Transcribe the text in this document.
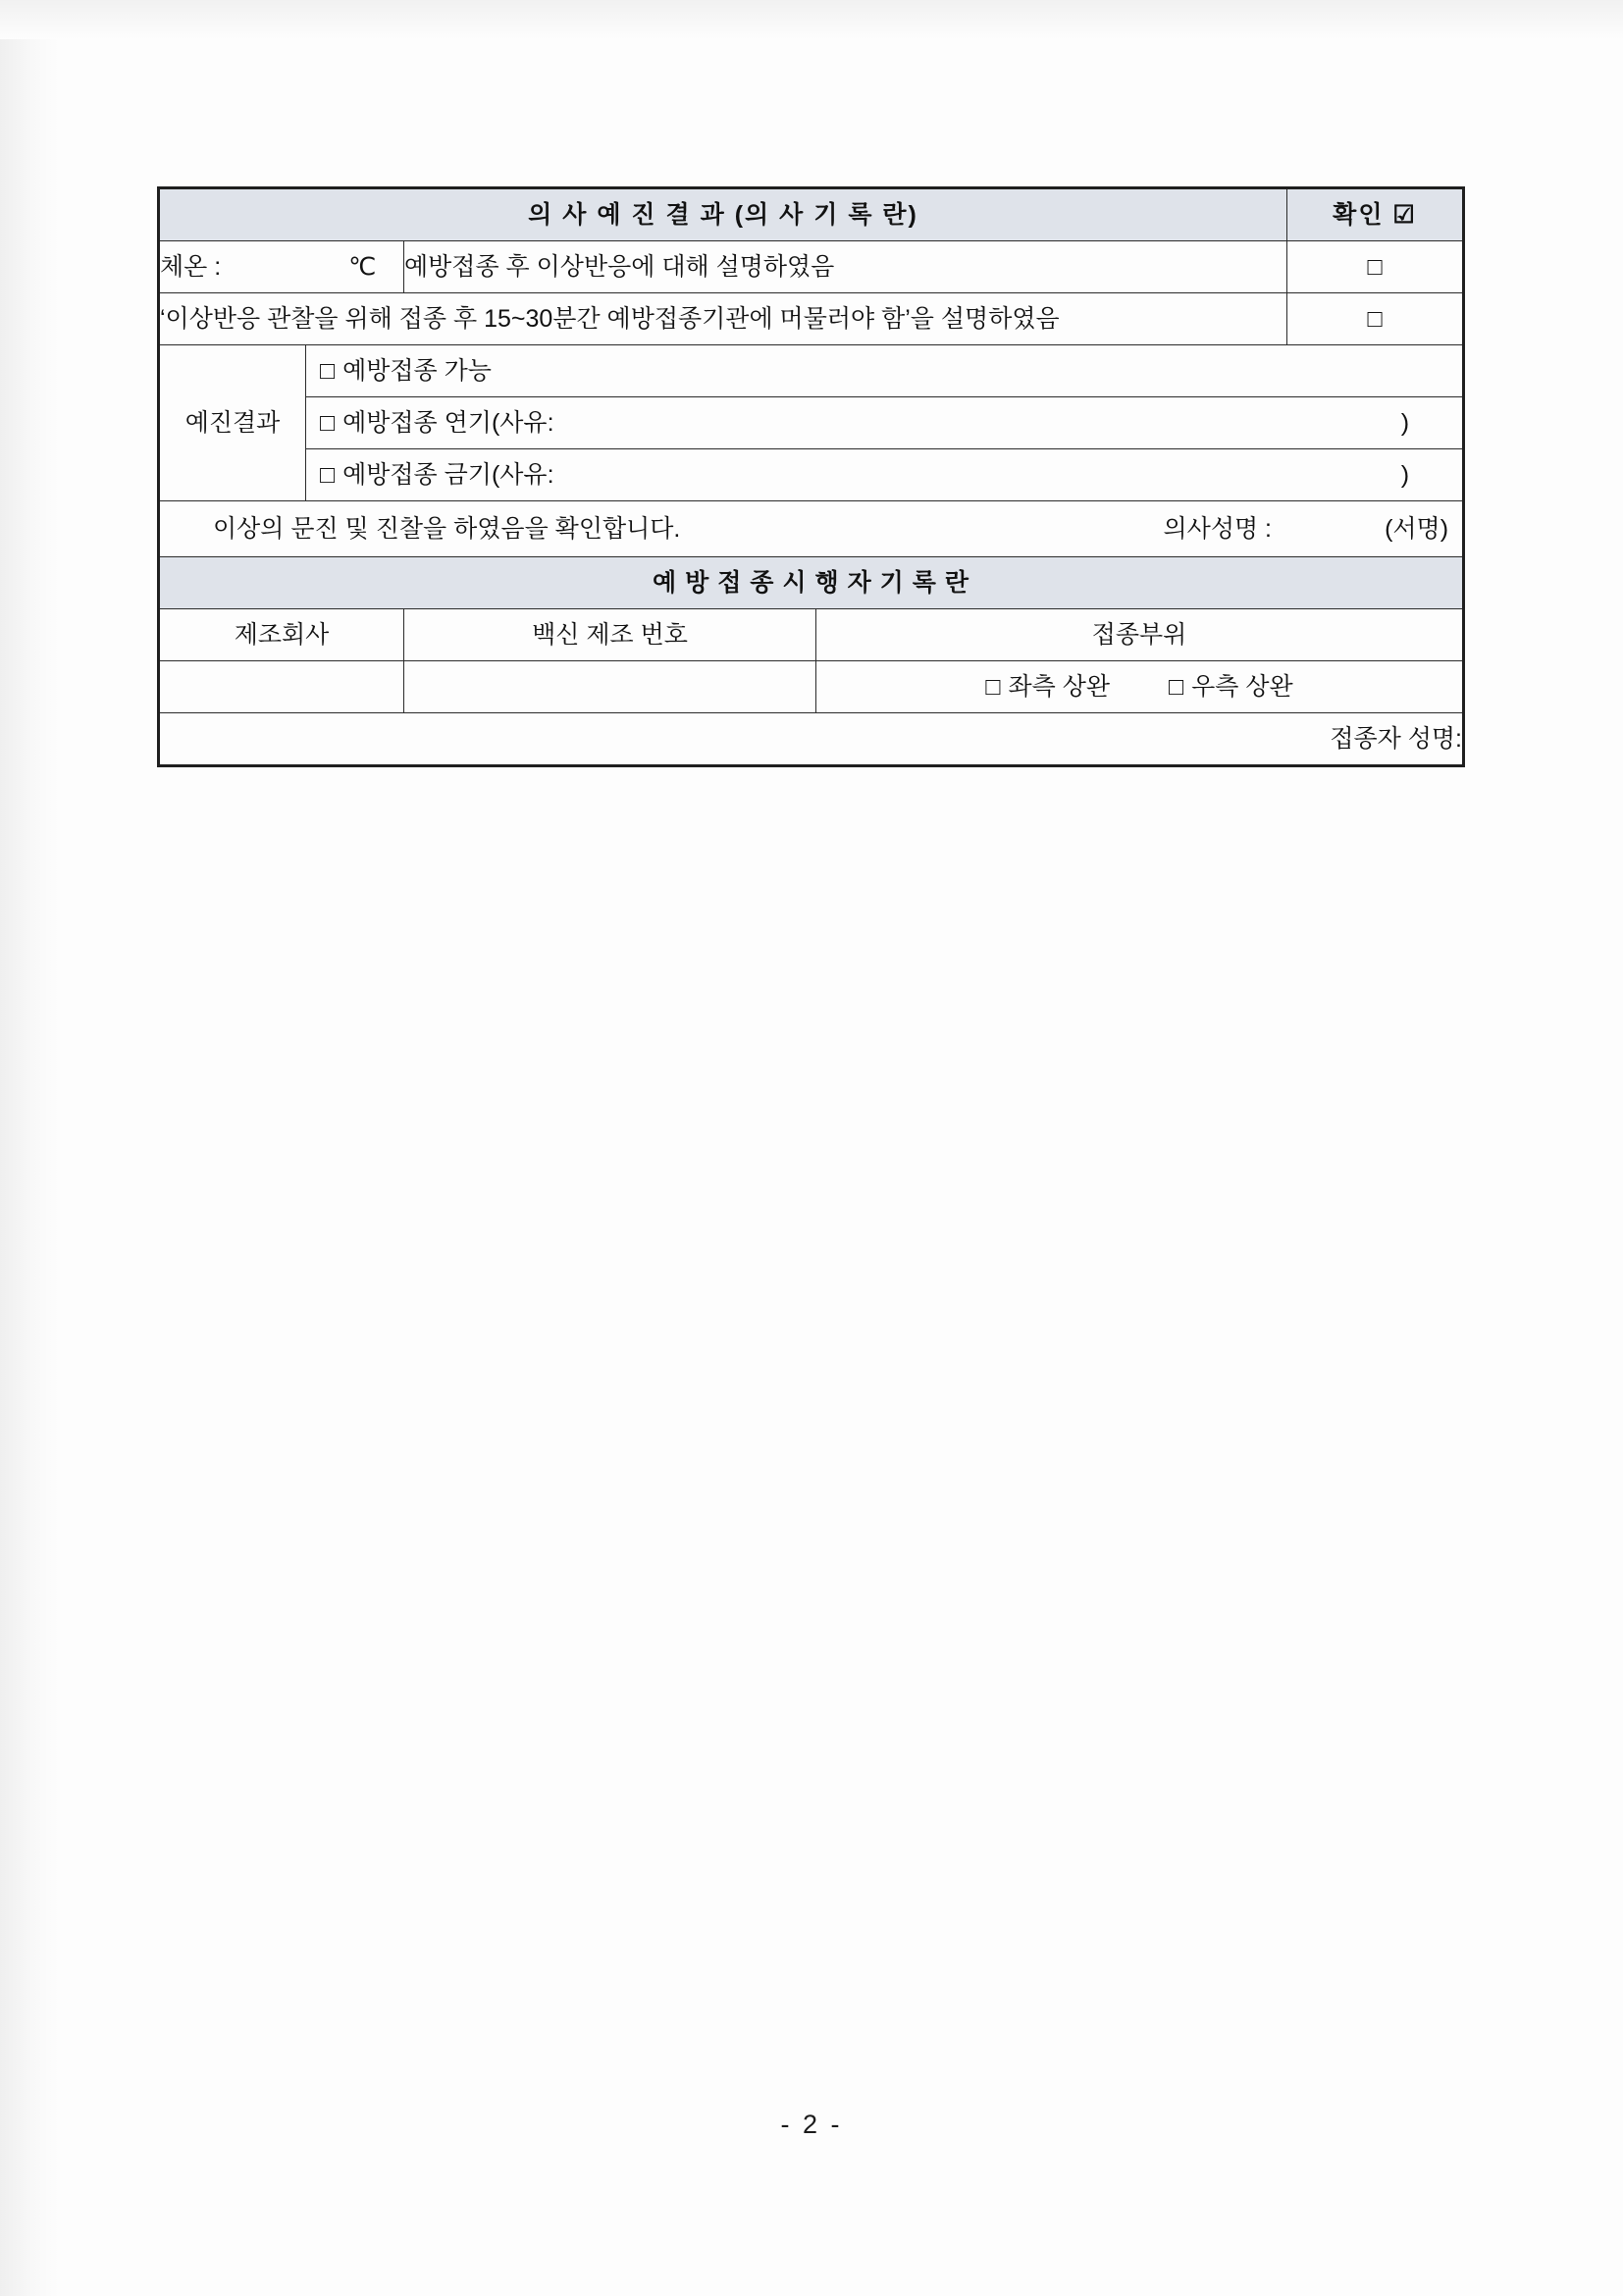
의 사 예 진 결 과 (의 사 기 록 란)				확인 ☑

체온 : ℃		예방접종 후 이상반응에 대해 설명하였음		□
‘이상반응 관찰을 위해 접종 후 15~30분간 예방접종기관에 머물러야 함’을 설명하였음				□
예진결과	□ 예방접종 가능			

	□ 예방접종 연기(사유: )			

	□ 예방접종 금기(사유: )			

이상의 문진 및 진찰을 하였음을 확인합니다. 의사성명 : (서명)				

예 방 접 종 시 행 자 기 록 란				
제조회사		백신 제조 번호	접종부위	

			□ 좌측 상완 □ 우측 상완	

접종자 성명:				
- 2 -
